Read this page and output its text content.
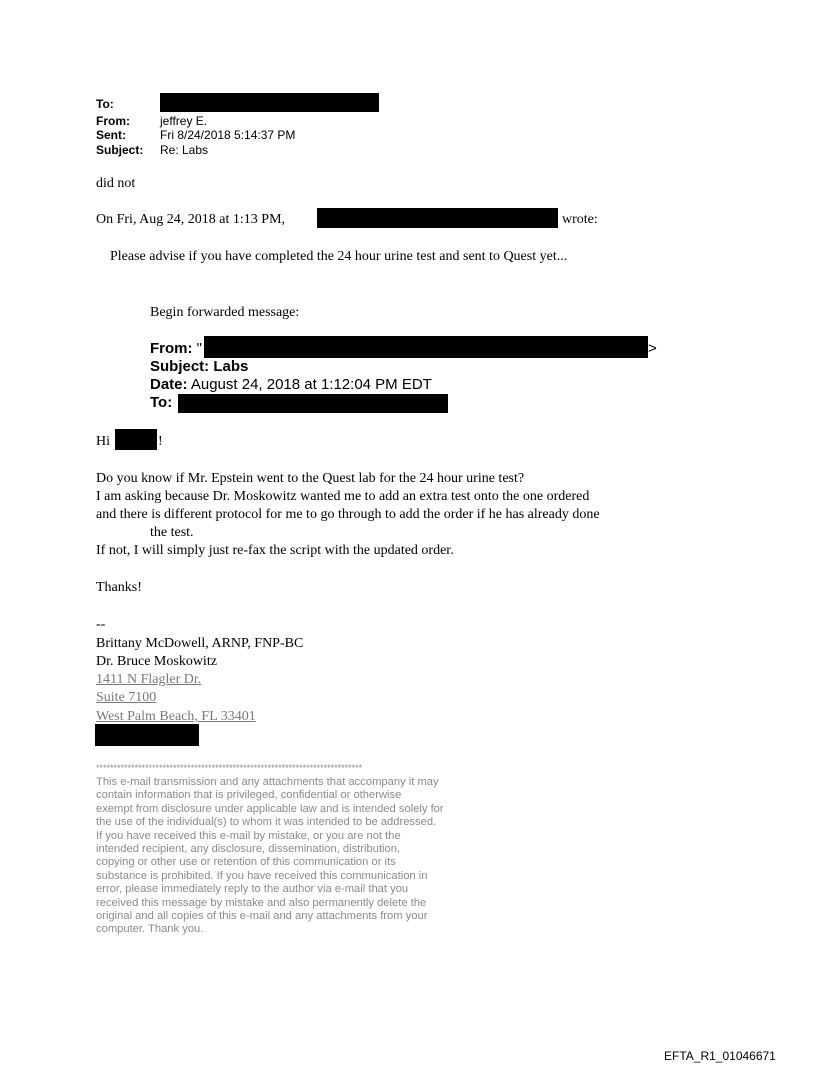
To:
From:	jeffrey E.
Sent:	Fri 8/24/2018 5:14:37 PM
Subject: Re: Labs
did not
On Fri, Aug 24, 2018 at 1:13 PM,	wrote:
Please advise if you have completed the 24 hour urine test and sent to Quest yet...
Begin forwarded message:
From: "	>
Subject: Labs
Date: August 24, 2018 at 1:12:04 PM EDT
To:
Hi	!
Do you know if Mr. Epstein went to the Quest lab for the 24 hour urine test?
I am asking because Dr. Moskowitz wanted me to add an extra test onto the one ordered
and there is different protocol for me to go through to add the order if he has already done
the test.
If not, I will simply just re-fax the script with the updated order.
Thanks!
--
Brittany McDowell, ARNP, FNP-BC
Dr. Bruce Moskowitz
1411 N Flagler Dr.
Suite 7100
West Palm Beach, FL 33401
****************************************************************************
This e-mail transmission and any attachments that accompany it may
contain information that is privileged, confidential or otherwise
exempt from disclosure under applicable law and is intended solely for
the use of the individual(s) to whom it was intended to be addressed.
If you have received this e-mail by mistake, or you are not the
intended recipient, any disclosure, dissemination, distribution,
copying or other use or retention of this communication or its
substance is prohibited. If you have received this communication in
error, please immediately reply to the author via e-mail that you
received this message by mistake and also permanently delete the
original and all copies of this e-mail and any attachments from your
computer. Thank you.
EFTA_R1_01046671
